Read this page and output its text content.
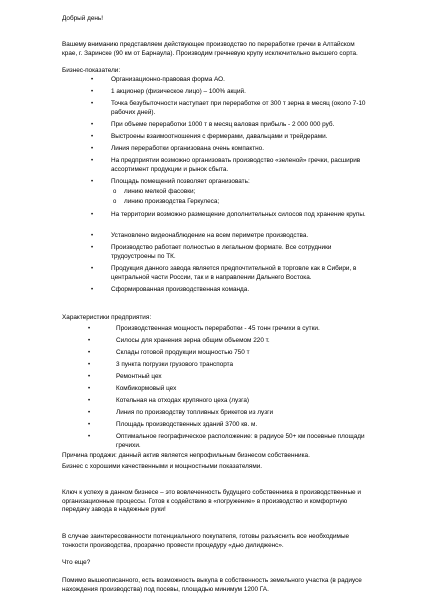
Добрый день!

Вашему вниманию представляем действующее производство по переработке гречки в Алтайском крае, г. Заринске (90 км от Барнаула). Производим гречневую крупу исключительно высшего сорта.

Бизнес-показатели:

•	Организационно-правовая форма АО.

•	1 акционер (физическое лицо) – 100% акций.

•	Точка безубыточности наступает при переработке от 300 т зерна в месяц (около 7-10 рабочих дней).

•	При объеме переработки 1000 т в месяц валовая прибыль - 2 000 000 руб.

•	Выстроены взаимоотношения с фермерами, давальцами и трейдерами.

•	Линия переработки организована очень компактно.

•	На предприятии возможно организовать производство «зеленой» гречки, расширив ассортимент продукции и рынок сбыта.

•	Площадь помещений позволяет организовать:

o линию мелкой фасовки;

o линию производства Геркулеса;

•	На территории возможно размещение дополнительных силосов под хранение крупы.

•	Установлено видеонаблюдение на всем периметре производства.

•	Производство работает полностью в легальном формате. Все сотрудники трудоустроены по ТК.

•	Продукция данного завода является предпочтительной в торговле как в Сибири, в центральной части России, так и в направлении Дальнего Востока.

•	Сформированная производственная команда.

Характеристики предприятия:

•	Производственная мощность переработки - 45 тонн гречихи в сутки.

•	Силосы для хранения зерна общим объемом 220 т.

•	Склады готовой продукции мощностью 750 т

•	3 пункта погрузки грузового транспорта

•	Ремонтный цех

•	Комбикормовый цех

•	Котельная на отходах крупяного цеха (лузга)

•	Линия по производству топливных брикетов из лузги

•	Площадь производственных зданий 3700 кв. м.

•	Оптимальное географическое расположение: в радиусе 50+ км посевные площади гречихи.

Причина продажи: данный актив является непрофильным бизнесом собственника.

Бизнес с хорошими качественными и мощностными показателями.

Ключ к успеху в данном бизнесе – это вовлеченность будущего собственника в производственные и организационные процессы. Готов к содействию в «погружение» в производство и комфортную передачу завода в надежные руки!

В случае заинтересованности потенциального покупателя, готовы разъяснить все необходимые тонкости производства, прозрачно провести процедуру «дью дилидженс».

Что еще?

Помимо вышеописанного, есть возможность выкупа в собственность земельного участка (в радиусе нахождения производства) под посевы, площадью минимум 1200 ГА.
